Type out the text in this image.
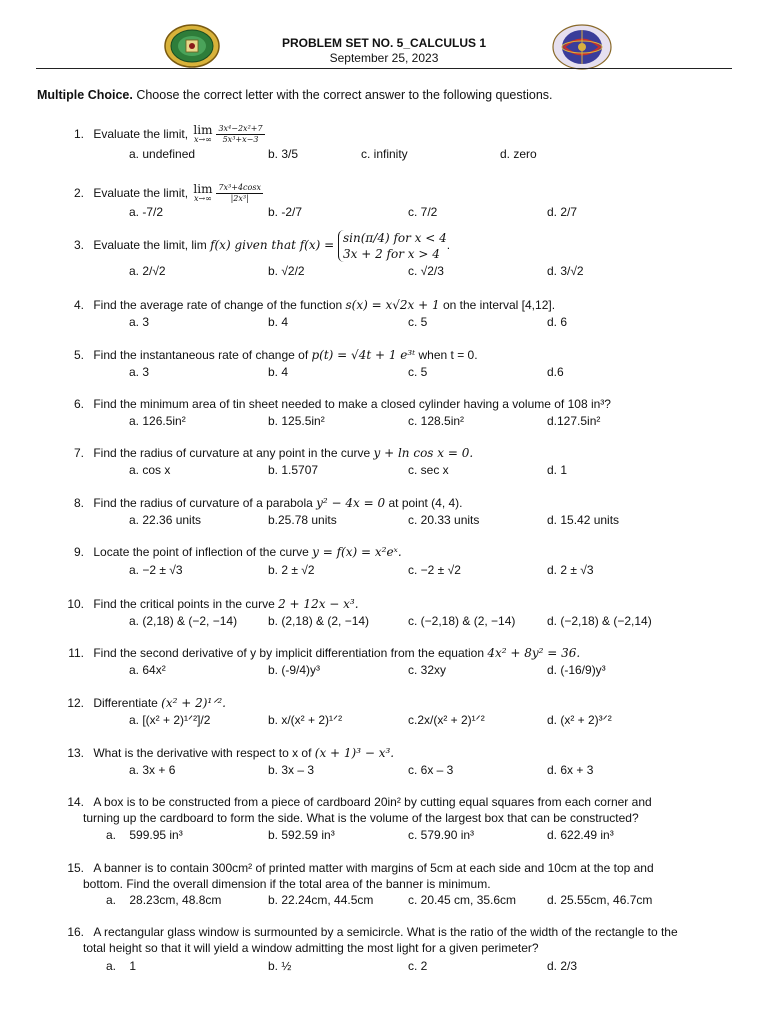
PROBLEM SET NO. 5_CALCULUS 1
September 25, 2023
Multiple Choice. Choose the correct letter with the correct answer to the following questions.
1. Evaluate the limit, lim
$x\to\infty \frac{\text{3x⁴−2x²+7}}{\text{5x³+x−3}}$
a. undefined	b. 3/5	c. infinity	d. zero
2. Evaluate the limit, lim
$x\to\infty \frac{\text{7x³+4cosx}}{\text{|2x³|}}$
a. -7/2	b. -2/7	c. 7/2	d. 2/7
3. Evaluate the limit, lim f(x) given that f(x) =
sin(π/4) for x < 4
3x + 2 for x > 4
.
a. 2/√2	b. √2/2	c. √2/3	d. 3/√2
4. Find the average rate of change of the function s(x) = x√2x + 1 on the interval [4,12].
a. 3	b. 4	c. 5	d. 6
5. Find the instantaneous rate of change of p(t) = √4t + 1 e³ᵗ when t = 0.
a. 3	b. 4	c. 5	d.6
6. Find the minimum area of tin sheet needed to make a closed cylinder having a volume of 108 in³?
a. 126.5in²	b. 125.5in²	c. 128.5in²	d.127.5in²
7. Find the radius of curvature at any point in the curve y + ln cos x = 0.
a. cos x	b. 1.5707	c. sec x	d. 1
8. Find the radius of curvature of a parabola y² − 4x = 0 at point (4, 4).
a. 22.36 units	b.25.78 units	c. 20.33 units	d. 15.42 units
9. Locate the point of inflection of the curve y = f(x) = x²eˣ.
a. −2 ± √3	b. 2 ± √2	c. −2 ± √2	d. 2 ± √3
10. Find the critical points in the curve 2 + 12x − x³.
a. (2,18) & (−2, −14)	b. (2,18) & (2, −14)	c. (−2,18) & (2, −14)	d. (−2,18) & (−2,14)
11. Find the second derivative of y by implicit differentiation from the equation 4x² + 8y² = 36.
a. 64x²	b. (-9/4)y³	c. 32xy	d. (-16/9)y³
12. Differentiate (x² + 2)¹ᐟ².
a. [(x² + 2)¹ᐟ²]/2	b. x/(x² + 2)¹ᐟ²	c.2x/(x² + 2)¹ᐟ²	d. (x² + 2)³ᐟ²
13. What is the derivative with respect to x of (x + 1)³ − x³.
a. 3x + 6	b. 3x – 3	c. 6x – 3	d. 6x + 3
14. A box is to be constructed from a piece of cardboard 20in² by cutting equal squares from each corner and
turning up the cardboard to form the side. What is the volume of the largest box that can be constructed?
a.    599.95 in³	b. 592.59 in³	c. 579.90 in³	d. 622.49 in³
15. A banner is to contain 300cm² of printed matter with margins of 5cm at each side and 10cm at the top and
bottom. Find the overall dimension if the total area of the banner is minimum.
a.    28.23cm, 48.8cm	b. 22.24cm, 44.5cm	c. 20.45 cm, 35.6cm	d. 25.55cm, 46.7cm
16. A rectangular glass window is surmounted by a semicircle. What is the ratio of the width of the rectangle to the
total height so that it will yield a window admitting the most light for a given perimeter?
a.    1	b. ½	c. 2	d. 2/3
